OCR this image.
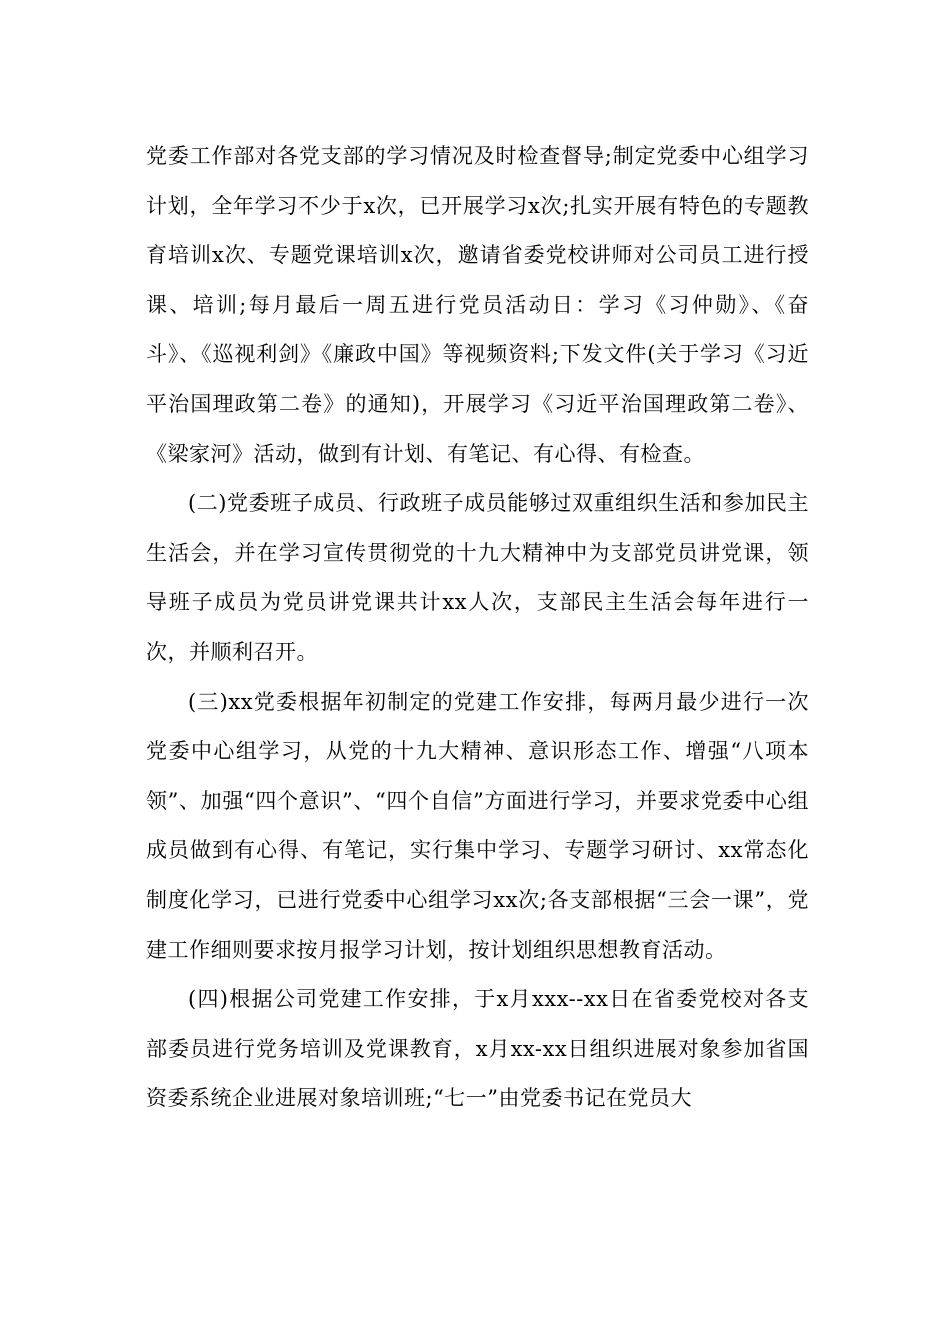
党委工作部对各党支部的学习情况及时检查督导;制定党委中心组学习计划，全年学习不少于x次，已开展学习x次;扎实开展有特色的专题教育培训x次、专题党课培训x次，邀请省委党校讲师对公司员工进行授课、培训;每月最后一周五进行党员活动日：学习《习仲勋》、《奋斗》、《巡视利剑》《廉政中国》等视频资料;下发文件(关于学习《习近平治国理政第二卷》的通知)，开展学习《习近平治国理政第二卷》、《梁家河》活动，做到有计划、有笔记、有心得、有检查。

(二)党委班子成员、行政班子成员能够过双重组织生活和参加民主生活会，并在学习宣传贯彻党的十九大精神中为支部党员讲党课，领导班子成员为党员讲党课共计xx人次，支部民主生活会每年进行一次，并顺利召开。

(三)xx党委根据年初制定的党建工作安排，每两月最少进行一次党委中心组学习，从党的十九大精神、意识形态工作、增强“八项本领”、加强“四个意识”、“四个自信”方面进行学习，并要求党委中心组成员做到有心得、有笔记，实行集中学习、专题学习研讨、xx常态化制度化学习，已进行党委中心组学习xx次;各支部根据“三会一课”，党建工作细则要求按月报学习计划，按计划组织思想教育活动。

(四)根据公司党建工作安排，于x月xxx--xx日在省委党校对各支部委员进行党务培训及党课教育，x月xx-xx日组织进展对象参加省国资委系统企业进展对象培训班;“七一”由党委书记在党员大
